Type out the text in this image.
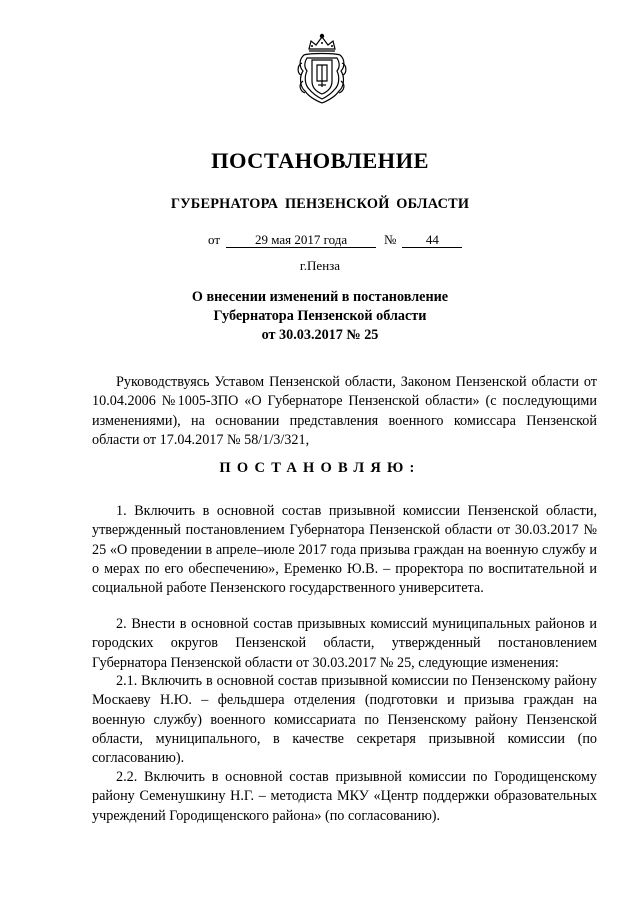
ПОСТАНОВЛЕНИЕ
ГУБЕРНАТОРА ПЕНЗЕНСКОЙ ОБЛАСТИ
от	29 мая 2017 года	№ 44
г.Пенза
О внесении изменений в постановление
Губернатора Пензенской области
от 30.03.2017 № 25

Руководствуясь Уставом Пензенской области, Законом Пензенской области от 10.04.2006 №1005-ЗПО «О Губернаторе Пензенской области» (с последующими изменениями), на основании представления военного комиссара Пензенской области от 17.04.2017 № 58/1/3/321,

ПОСТАНОВЛЯЮ:

1. Включить в основной состав призывной комиссии Пензенской области, утвержденный постановлением Губернатора Пензенской области от 30.03.2017 № 25 «О проведении в апреле–июле 2017 года призыва граждан на военную службу и о мерах по его обеспечению», Еременко Ю.В. – проректора по воспитательной и социальной работе Пензенского государственного университета.

2. Внести в основной состав призывных комиссий муниципальных районов и городских округов Пензенской области, утвержденный постановлением Губернатора Пензенской области от 30.03.2017 № 25, следующие изменения:

2.1. Включить в основной состав призывной комиссии по Пензенскому району Москаеву Н.Ю. – фельдшера отделения (подготовки и призыва граждан на военную службу) военного комиссариата по Пензенскому району Пензенской области, муниципального, в качестве секретаря призывной комиссии (по согласованию).

2.2. Включить в основной состав призывной комиссии по Городищенскому району Семенушкину Н.Г. – методиста МКУ «Центр поддержки образовательных учреждений Городищенского района» (по согласованию).
